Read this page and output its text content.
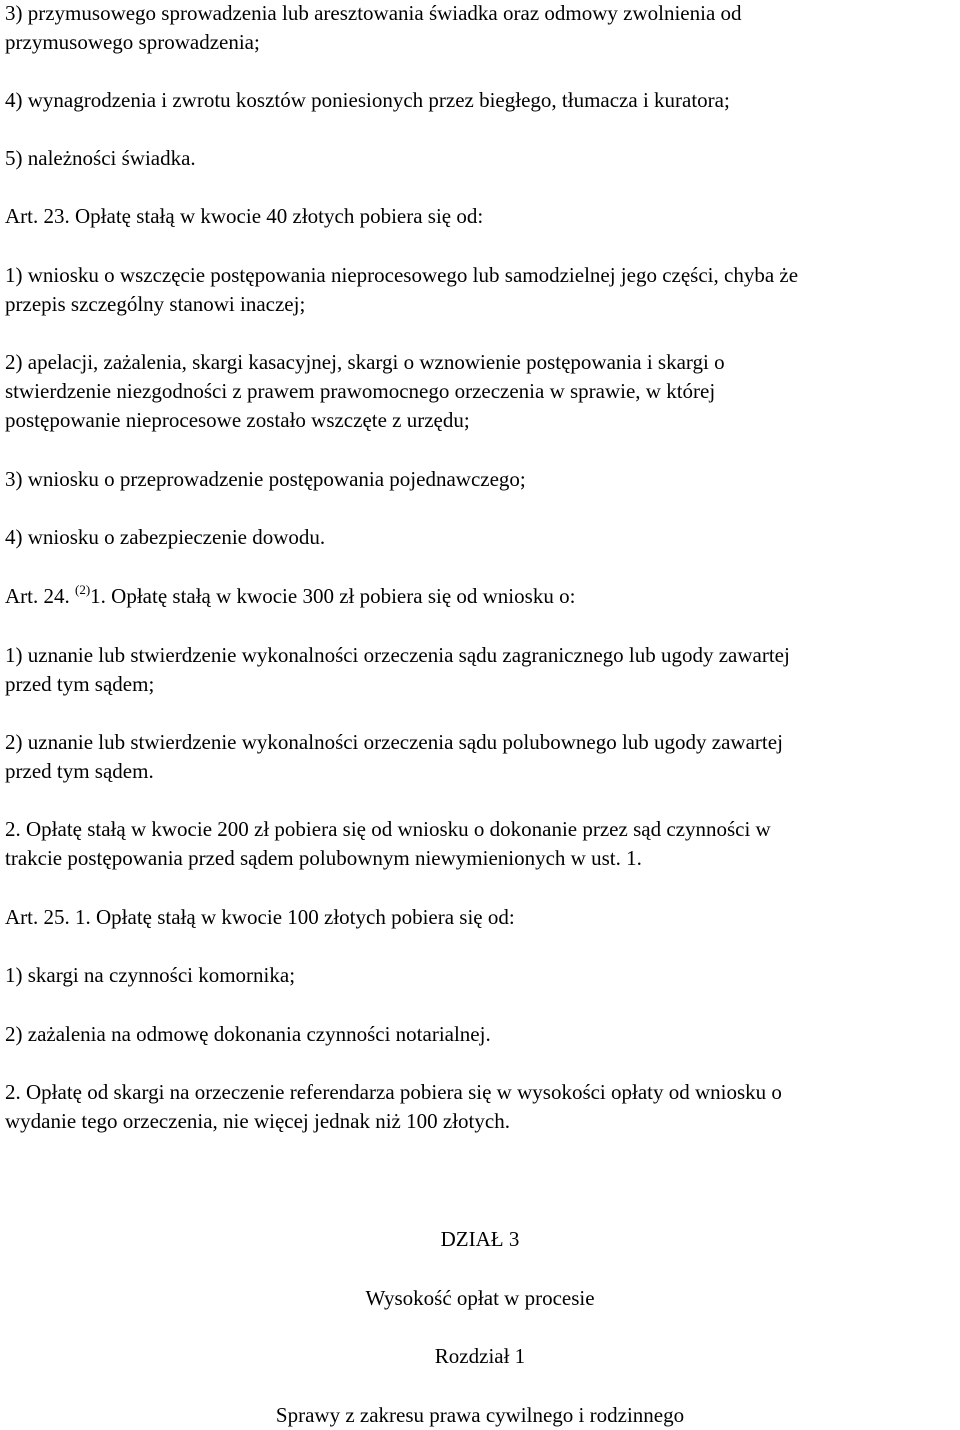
3) przymusowego sprowadzenia lub aresztowania świadka oraz odmowy zwolnienia od
przymusowego sprowadzenia;
4) wynagrodzenia i zwrotu kosztów poniesionych przez biegłego, tłumacza i kuratora;
5) należności świadka.
Art. 23. Opłatę stałą w kwocie 40 złotych pobiera się od:
1) wniosku o wszczęcie postępowania nieprocesowego lub samodzielnej jego części, chyba że
przepis szczególny stanowi inaczej;
2) apelacji, zażalenia, skargi kasacyjnej, skargi o wznowienie postępowania i skargi o
stwierdzenie niezgodności z prawem prawomocnego orzeczenia w sprawie, w której
postępowanie nieprocesowe zostało wszczęte z urzędu;
3) wniosku o przeprowadzenie postępowania pojednawczego;
4) wniosku o zabezpieczenie dowodu.
Art. 24. $^{(2)}$1. Opłatę stałą w kwocie 300 zł pobiera się od wniosku o:
1) uznanie lub stwierdzenie wykonalności orzeczenia sądu zagranicznego lub ugody zawartej
przed tym sądem;
2) uznanie lub stwierdzenie wykonalności orzeczenia sądu polubownego lub ugody zawartej
przed tym sądem.
2. Opłatę stałą w kwocie 200 zł pobiera się od wniosku o dokonanie przez sąd czynności w
trakcie postępowania przed sądem polubownym niewymienionych w ust. 1.
Art. 25. 1. Opłatę stałą w kwocie 100 złotych pobiera się od:
1) skargi na czynności komornika;
2) zażalenia na odmowę dokonania czynności notarialnej.
2. Opłatę od skargi na orzeczenie referendarza pobiera się w wysokości opłaty od wniosku o
wydanie tego orzeczenia, nie więcej jednak niż 100 złotych.
DZIAŁ 3
Wysokość opłat w procesie
Rozdział 1
Sprawy z zakresu prawa cywilnego i rodzinnego
